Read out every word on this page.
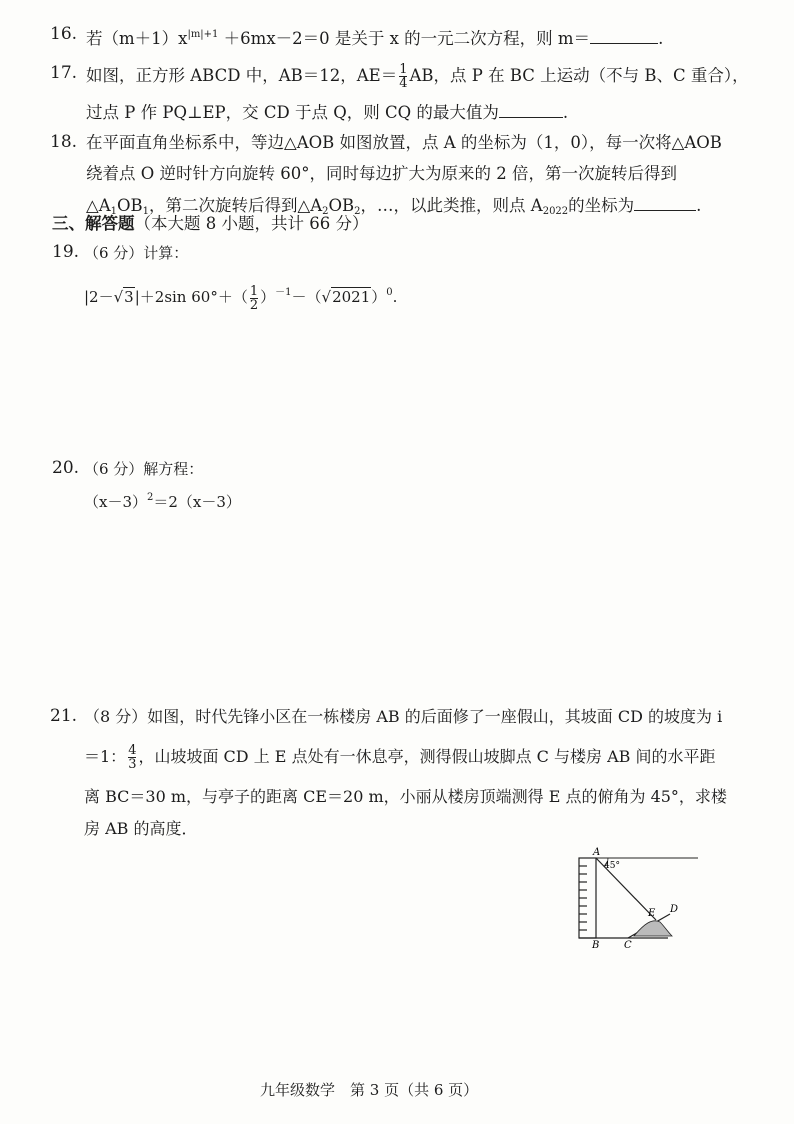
16. 若$(m+1)x^{|m|+1} +6mx-2=0$ 是关于 x 的一元二次方程，则 m＝	.
17. 如图，正方形 ABCD 中，AB＝12，$AE= \frac{1}{4}$ AB，点 P 在 BC 上运动（不与 B、C 重合），
过点 P 作 PQ⊥EP，交 CD 于点 Q，则 CQ 的最大值为	.
18. 在平面直角坐标系中，等边△AOB 如图放置，点 A 的坐标为（1，0），每一次将△AOB
绕着点 O 逆时针方向旋转 60°，同时每边扩大为原来的 2 倍，第一次旋转后得到
$\triangle A_1OB_1$，第二次旋转后得到$\triangle A_2OB_2$，…，以此类推，则点 $A_{2022}$的坐标为	.
三、解答题（本大题 8 小题，共计 66 分）
19. （6 分）计算：
|2－√3|＋2sin $60^\circ+( \frac{1}{2} )^{-1}-(√2021)^0$.
20. （6 分）解方程：
$(x-3)^2=2(x-3)$
21. （8 分）如图，时代先锋小区在一栋楼房 AB 的后面修了一座假山，其坡面 CD 的坡度为 i
＝1： $\frac{4}{3}$ ，山坡坡面 CD 上 E 点处有一休息亭，测得假山坡脚点 C 与楼房 AB 间的水平距
离 BC＝30 m，与亭子的距离 CE＝20 m，小丽从楼房顶端测得 E 点的俯角为 45°，求楼
房 AB 的高度．
A
45°
B C
E D
九年级数学　第 3 页（共 6 页）
